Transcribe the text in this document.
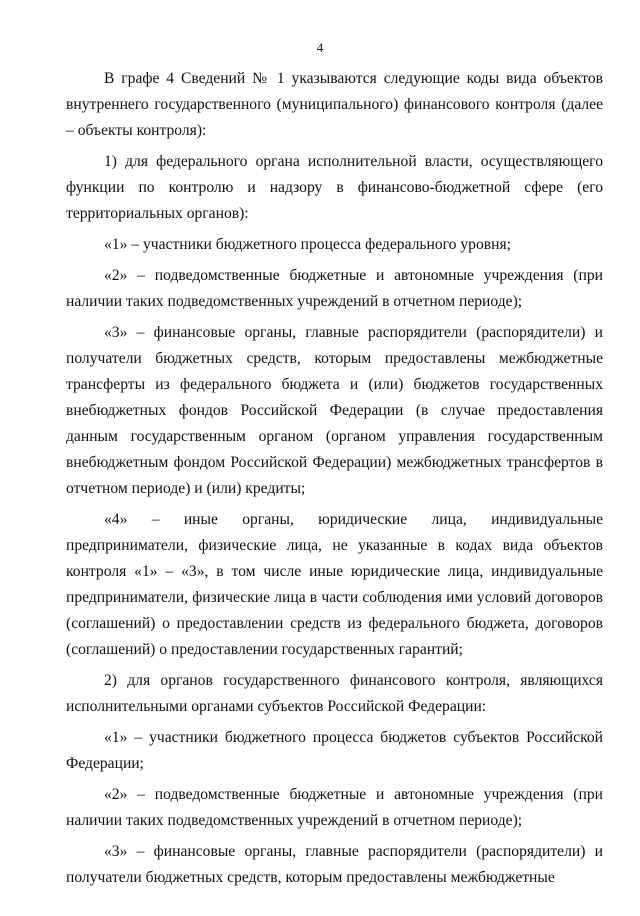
4

В графе 4 Сведений № 1 указываются следующие коды вида объектов внутреннего государственного (муниципального) финансового контроля (далее – объекты контроля):

1) для федерального органа исполнительной власти, осуществляющего функции по контролю и надзору в финансово-бюджетной сфере (его территориальных органов):

«1» – участники бюджетного процесса федерального уровня;

«2» – подведомственные бюджетные и автономные учреждения (при наличии таких подведомственных учреждений в отчетном периоде);

«3» – финансовые органы, главные распорядители (распорядители) и получатели бюджетных средств, которым предоставлены межбюджетные трансферты из федерального бюджета и (или) бюджетов государственных внебюджетных фондов Российской Федерации (в случае предоставления данным государственным органом (органом управления государственным внебюджетным фондом Российской Федерации) межбюджетных трансфертов в отчетном периоде) и (или) кредиты;

«4» – иные органы, юридические лица, индивидуальные предприниматели, физические лица, не указанные в кодах вида объектов контроля «1» – «3», в том числе иные юридические лица, индивидуальные предприниматели, физические лица в части соблюдения ими условий договоров (соглашений) о предоставлении средств из федерального бюджета, договоров (соглашений) о предоставлении государственных гарантий;

2) для органов государственного финансового контроля, являющихся исполнительными органами субъектов Российской Федерации:

«1» – участники бюджетного процесса бюджетов субъектов Российской Федерации;

«2» – подведомственные бюджетные и автономные учреждения (при наличии таких подведомственных учреждений в отчетном периоде);

«3» – финансовые органы, главные распорядители (распорядители) и получатели бюджетных средств, которым предоставлены межбюджетные
